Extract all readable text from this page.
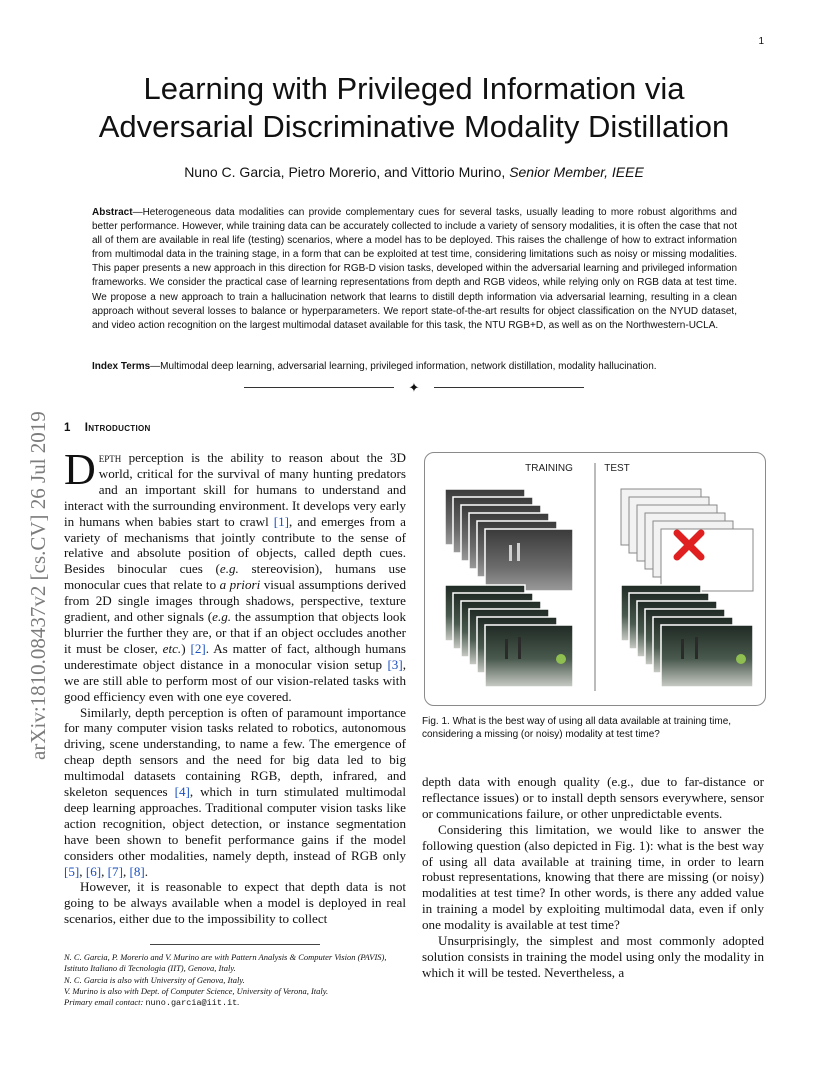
1
arXiv:1810.08437v2 [cs.CV] 26 Jul 2019
Learning with Privileged Information via
Adversarial Discriminative Modality Distillation
Nuno C. Garcia, Pietro Morerio, and Vittorio Murino, Senior Member, IEEE
Abstract—Heterogeneous data modalities can provide complementary cues for several tasks, usually leading to more robust algorithms and better performance. However, while training data can be accurately collected to include a variety of sensory modalities, it is often the case that not all of them are available in real life (testing) scenarios, where a model has to be deployed. This raises the challenge of how to extract information from multimodal data in the training stage, in a form that can be exploited at test time, considering limitations such as noisy or missing modalities. This paper presents a new approach in this direction for RGB-D vision tasks, developed within the adversarial learning and privileged information frameworks. We consider the practical case of learning representations from depth and RGB videos, while relying only on RGB data at test time. We propose a new approach to train a hallucination network that learns to distill depth information via adversarial learning, resulting in a clean approach without several losses to balance or hyperparameters. We report state-of-the-art results for object classification on the NYUD dataset, and video action recognition on the largest multimodal dataset available for this task, the NTU RGB+D, as well as on the Northwestern-UCLA.
Index Terms—Multimodal deep learning, adversarial learning, privileged information, network distillation, modality hallucination.
✦
1 Introduction

Depth perception is the ability to reason about the 3D world, critical for the survival of many hunting predators and an important skill for humans to understand and interact with the surrounding environment. It develops very early in humans when babies start to crawl [1], and emerges from a variety of mechanisms that jointly contribute to the sense of relative and absolute position of objects, called depth cues. Besides binocular cues (e.g. stereovision), humans use monocular cues that relate to a priori visual assumptions derived from 2D single images through shadows, perspective, texture gradient, and other signals (e.g. the assumption that objects look blurrier the further they are, or that if an object occludes another it must be closer, etc.) [2]. As matter of fact, although humans underestimate object distance in a monocular vision setup [3], we are still able to perform most of our vision-related tasks with good efficiency even with one eye covered.

Similarly, depth perception is often of paramount importance for many computer vision tasks related to robotics, autonomous driving, scene understanding, to name a few. The emergence of cheap depth sensors and the need for big data led to big multimodal datasets containing RGB, depth, infrared, and skeleton sequences [4], which in turn stimulated multimodal deep learning approaches. Traditional computer vision tasks like action recognition, object detection, or instance segmentation have been shown to benefit performance gains if the model considers other modalities, namely depth, instead of RGB only [5], [6], [7], [8].

However, it is reasonable to expect that depth data is not going to be always available when a model is deployed in real scenarios, either due to the impossibility to collect

N. C. Garcia, P. Morerio and V. Murino are with Pattern Analysis & Computer Vision (PAVIS), Istituto Italiano di Tecnologia (IIT), Genova, Italy.
N. C. Garcia is also with University of Genova, Italy.
V. Murino is also with Dept. of Computer Science, University of Verona, Italy.
Primary email contact: nuno.garcia@iit.it.
TRAINING	TEST
Fig. 1. What is the best way of using all data available at training time, considering a missing (or noisy) modality at test time?

depth data with enough quality (e.g., due to far-distance or reflectance issues) or to install depth sensors everywhere, sensor or communications failure, or other unpredictable events.

Considering this limitation, we would like to answer the following question (also depicted in Fig. 1): what is the best way of using all data available at training time, in order to learn robust representations, knowing that there are missing (or noisy) modalities at test time? In other words, is there any added value in training a model by exploiting multimodal data, even if only one modality is available at test time?

Unsurprisingly, the simplest and most commonly adopted solution consists in training the model using only the modality in which it will be tested. Nevertheless, a
